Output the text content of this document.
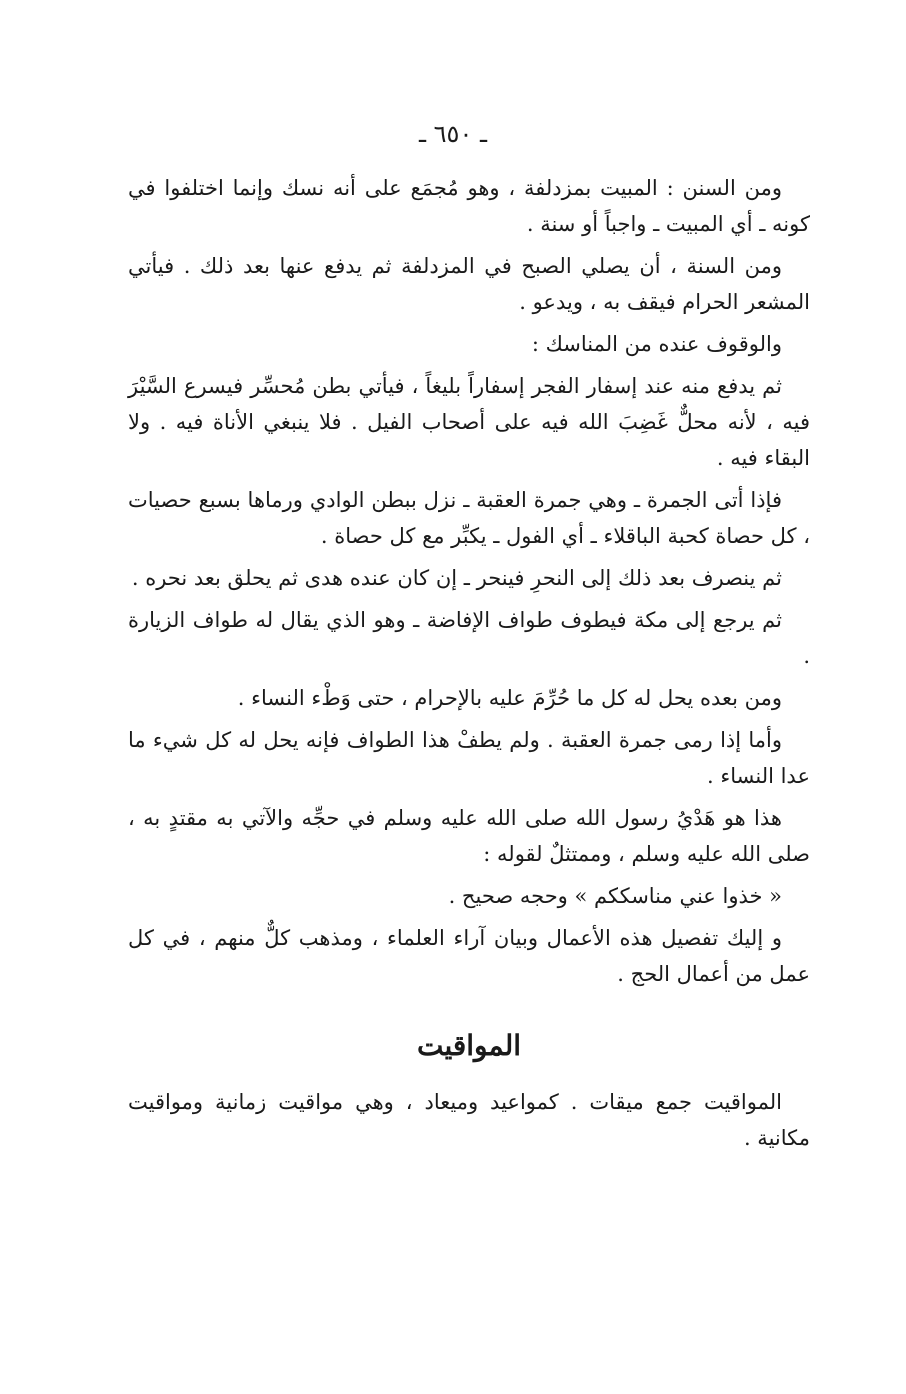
ـ ٦٥٠ ـ

ومن السنن : المبيت بمزدلفة ، وهو مُجمَع على أنه نسك وإنما اختلفوا في كونه ـ أي المبيت ـ واجباً أو سنة .

ومن السنة ، أن يصلي الصبح في المزدلفة ثم يدفع عنها بعد ذلك . فيأتي المشعر الحرام فيقف به ، ويدعو .

والوقوف عنده من المناسك :

ثم يدفع منه عند إسفار الفجر إسفاراً بليغاً ، فيأتي بطن مُحسِّر فيسرع السَّيْرَ فيه ، لأنه محلٌّ غَضِبَ الله فيه على أصحاب الفيل . فلا ينبغي الأناة فيه . ولا البقاء فيه .

فإذا أتى الجمرة ـ وهي جمرة العقبة ـ نزل ببطن الوادي ورماها بسبع حصيات ، كل حصاة كحبة الباقلاء ـ أي الفول ـ يكبِّر مع كل حصاة .

ثم ينصرف بعد ذلك إلى النحرِ فينحر ـ إن كان عنده هدى ثم يحلق بعد نحره .

ثم يرجع إلى مكة فيطوف طواف الإفاضة ـ وهو الذي يقال له طواف الزيارة .

ومن بعده يحل له كل ما حُرِّمَ عليه بالإحرام ، حتى وَطْء النساء .

وأما إذا رمى جمرة العقبة . ولم يطفْ هذا الطواف فإنه يحل له كل شيء ما عدا النساء .

هذا هو هَدْيُ رسول الله صلى الله عليه وسلم في حجِّه والآتي به مقتدٍ به ، صلى الله عليه وسلم ، وممتثلٌ لقوله :

« خذوا عني مناسككم » وحجه صحيح .

و إليك تفصيل هذه الأعمال وبيان آراء العلماء ، ومذهب كلٌّ منهم ، في كل عمل من أعمال الحج .

المواقيت

المواقيت جمع ميقات . كمواعيد وميعاد ، وهي مواقيت زمانية ومواقيت مكانية .
